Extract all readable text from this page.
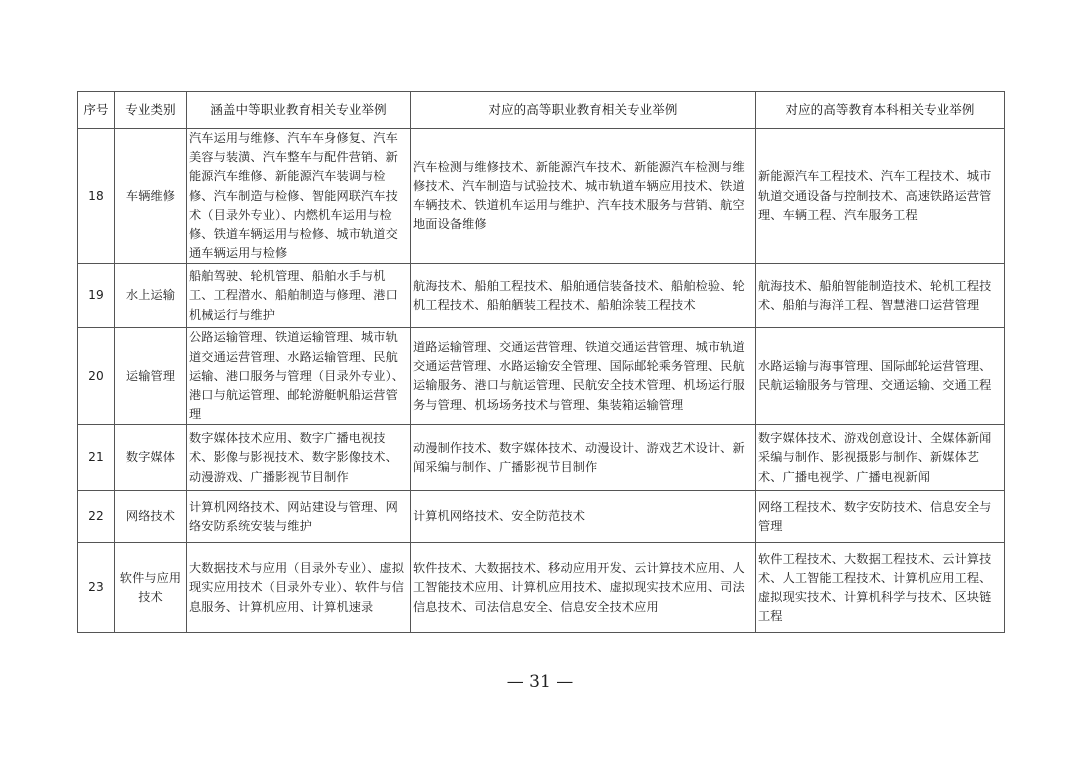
序号	专业类别	涵盖中等职业教育相关专业举例	对应的高等职业教育相关专业举例	对应的高等教育本科相关专业举例
18	车辆维修	汽车运用与维修、汽车车身修复、汽车美容与装潢、汽车整车与配件营销、新能源汽车维修、新能源汽车装调与检修、汽车制造与检修、智能网联汽车技术（目录外专业）、内燃机车运用与检修、铁道车辆运用与检修、城市轨道交通车辆运用与检修	汽车检测与维修技术、新能源汽车技术、新能源汽车检测与维修技术、汽车制造与试验技术、城市轨道车辆应用技术、铁道车辆技术、铁道机车运用与维护、汽车技术服务与营销、航空地面设备维修	新能源汽车工程技术、汽车工程技术、城市轨道交通设备与控制技术、高速铁路运营管理、车辆工程、汽车服务工程
19	水上运输	船舶驾驶、轮机管理、船舶水手与机工、工程潜水、船舶制造与修理、港口机械运行与维护	航海技术、船舶工程技术、船舶通信装备技术、船舶检验、轮机工程技术、船舶舾装工程技术、船舶涂装工程技术	航海技术、船舶智能制造技术、轮机工程技术、船舶与海洋工程、智慧港口运营管理
20	运输管理	公路运输管理、铁道运输管理、城市轨道交通运营管理、水路运输管理、民航运输、港口服务与管理（目录外专业）、港口与航运管理、邮轮游艇帆船运营管理	道路运输管理、交通运营管理、铁道交通运营管理、城市轨道交通运营管理、水路运输安全管理、国际邮轮乘务管理、民航运输服务、港口与航运管理、民航安全技术管理、机场运行服务与管理、机场场务技术与管理、集装箱运输管理	水路运输与海事管理、国际邮轮运营管理、民航运输服务与管理、交通运输、交通工程
21	数字媒体	数字媒体技术应用、数字广播电视技术、影像与影视技术、数字影像技术、动漫游戏、广播影视节目制作	动漫制作技术、数字媒体技术、动漫设计、游戏艺术设计、新闻采编与制作、广播影视节目制作	数字媒体技术、游戏创意设计、全媒体新闻采编与制作、影视摄影与制作、新媒体艺术、广播电视学、广播电视新闻
22	网络技术	计算机网络技术、网站建设与管理、网络安防系统安装与维护	计算机网络技术、安全防范技术	网络工程技术、数字安防技术、信息安全与管理
23	软件与应用技术	大数据技术与应用（目录外专业）、虚拟现实应用技术（目录外专业）、软件与信息服务、计算机应用、计算机速录	软件技术、大数据技术、移动应用开发、云计算技术应用、人工智能技术应用、计算机应用技术、虚拟现实技术应用、司法信息技术、司法信息安全、信息安全技术应用	软件工程技术、大数据工程技术、云计算技术、人工智能工程技术、计算机应用工程、虚拟现实技术、计算机科学与技术、区块链工程
— 31 —
